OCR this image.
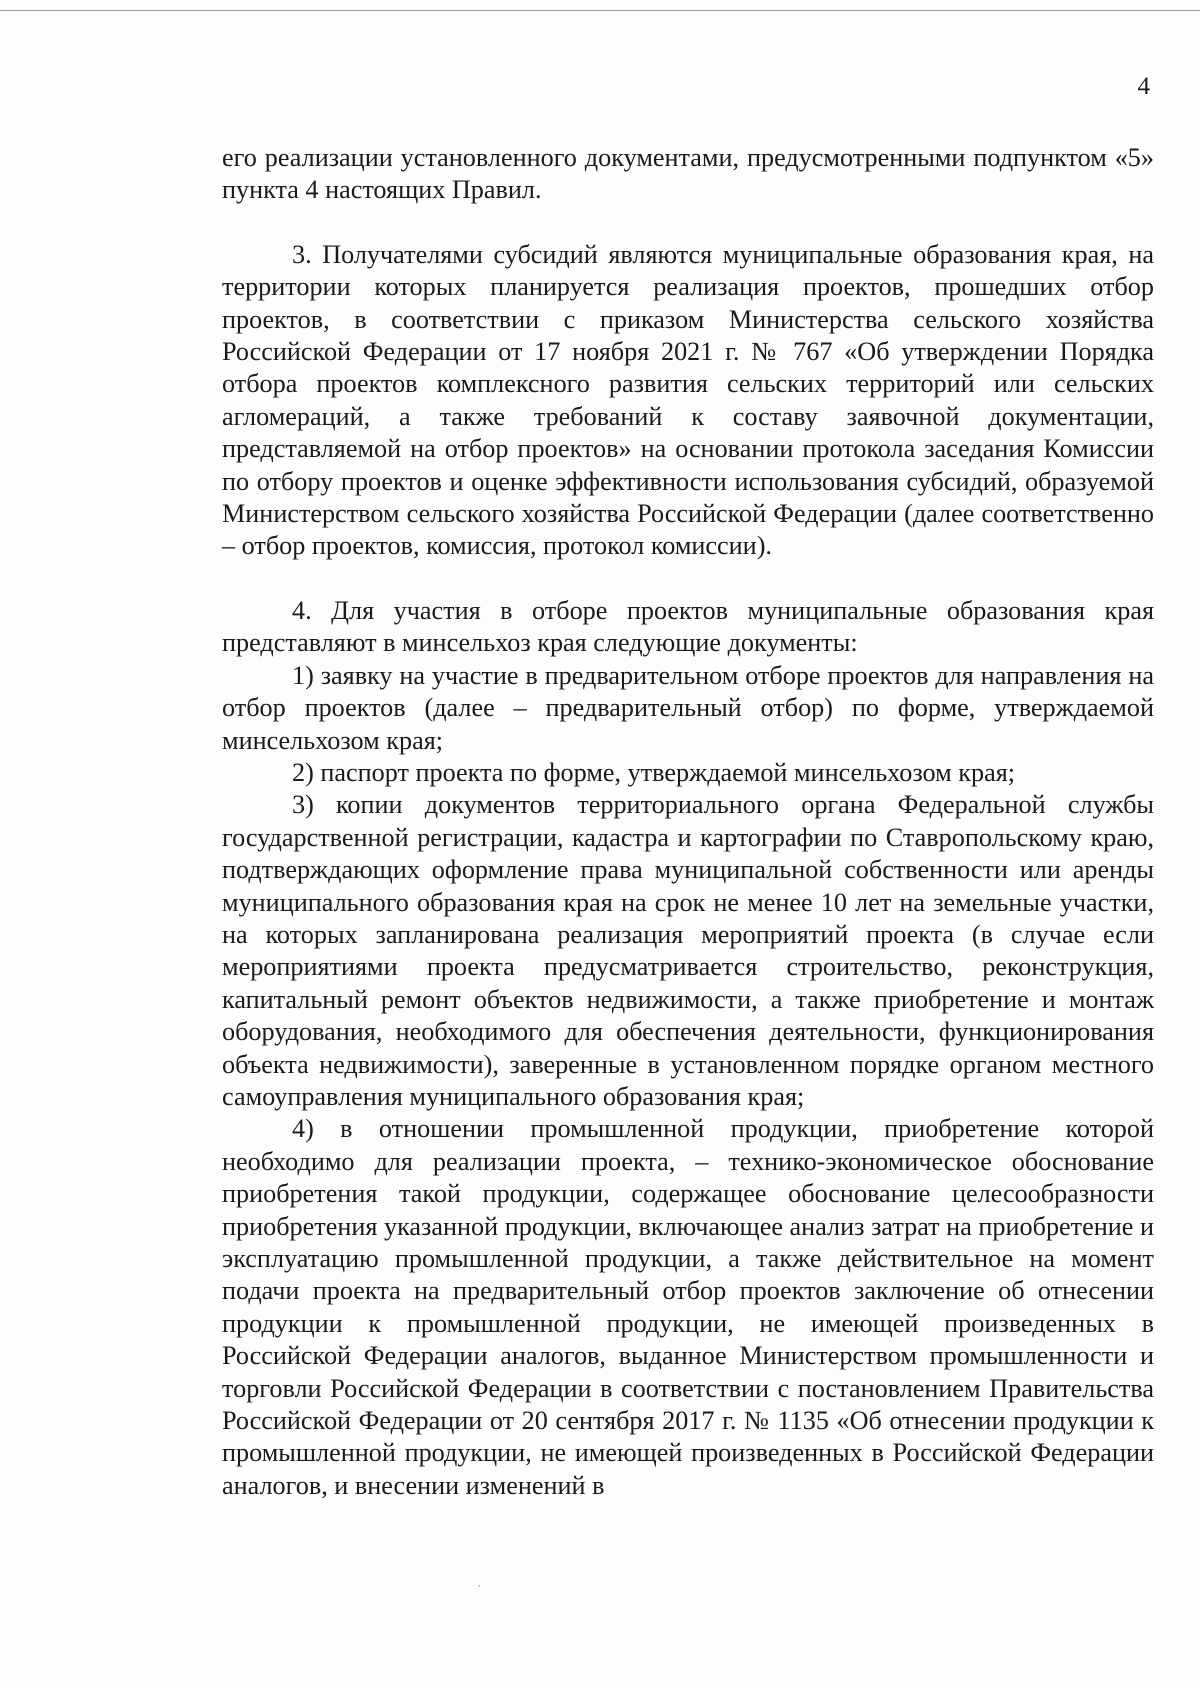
4

его реализации установленного документами, предусмотренными подпунктом «5» пункта 4 настоящих Правил.

3. Получателями субсидий являются муниципальные образования края, на территории которых планируется реализация проектов, прошедших отбор проектов, в соответствии с приказом Министерства сельского хозяйства Российской Федерации от 17 ноября 2021 г. № 767 «Об утверждении Порядка отбора проектов комплексного развития сельских территорий или сельских агломераций, а также требований к составу заявочной документации, представляемой на отбор проектов» на основании протокола заседания Комиссии по отбору проектов и оценке эффективности использования субсидий, образуемой Министерством сельского хозяйства Российской Федерации (далее соответственно – отбор проектов, комиссия, протокол комиссии).

4. Для участия в отборе проектов муниципальные образования края представляют в минсельхоз края следующие документы:

1) заявку на участие в предварительном отборе проектов для направления на отбор проектов (далее – предварительный отбор) по форме, утверждаемой минсельхозом края;

2) паспорт проекта по форме, утверждаемой минсельхозом края;

3) копии документов территориального органа Федеральной службы государственной регистрации, кадастра и картографии по Ставропольскому краю, подтверждающих оформление права муниципальной собственности или аренды муниципального образования края на срок не менее 10 лет на земельные участки, на которых запланирована реализация мероприятий проекта (в случае если мероприятиями проекта предусматривается строительство, реконструкция, капитальный ремонт объектов недвижимости, а также приобретение и монтаж оборудования, необходимого для обеспечения деятельности, функционирования объекта недвижимости), заверенные в установленном порядке органом местного самоуправления муниципального образования края;

4) в отношении промышленной продукции, приобретение которой необходимо для реализации проекта, – технико-экономическое обоснование приобретения такой продукции, содержащее обоснование целесообразности приобретения указанной продукции, включающее анализ затрат на приобретение и эксплуатацию промышленной продукции, а также действительное на момент подачи проекта на предварительный отбор проектов заключение об отнесении продукции к промышленной продукции, не имеющей произведенных в Российской Федерации аналогов, выданное Министерством промышленности и торговли Российской Федерации в соответствии с постановлением Правительства Российской Федерации от 20 сентября 2017 г. № 1135 «Об отнесении продукции к промышленной продукции, не имеющей произведенных в Российской Федерации аналогов, и внесении изменений в
